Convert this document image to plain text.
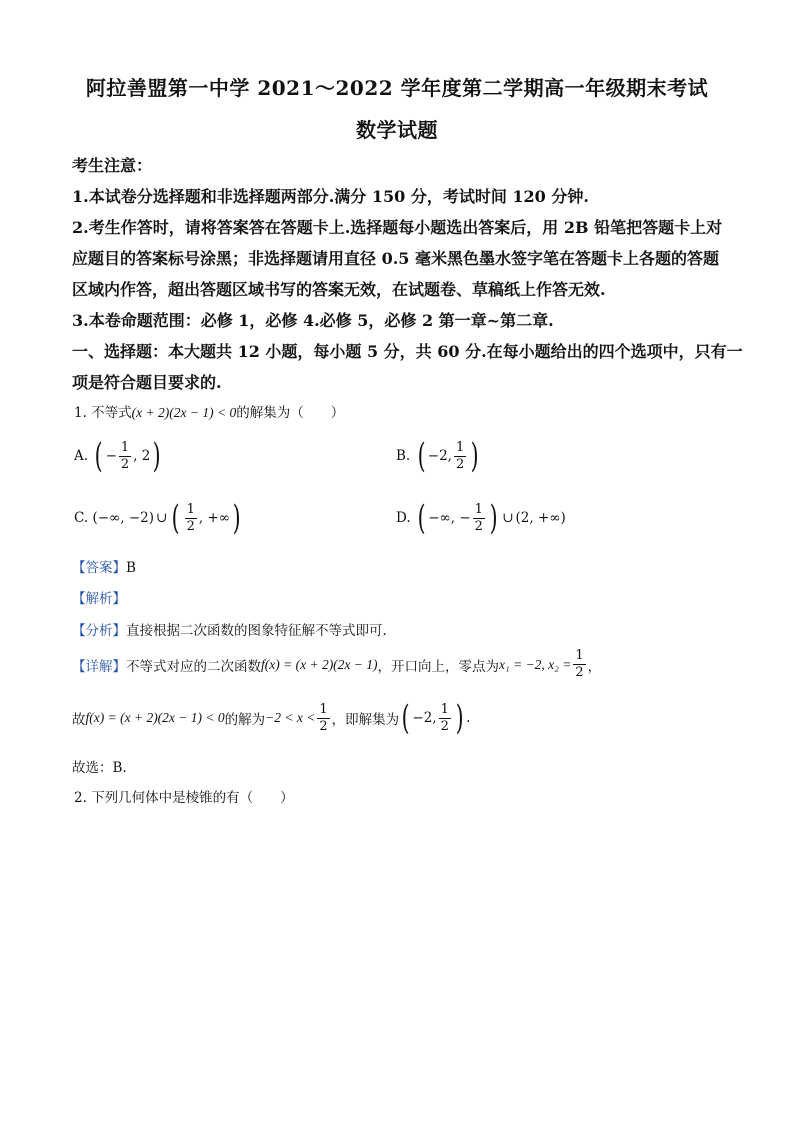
阿拉善盟第一中学 2021～2022 学年度第二学期高一年级期末考试
数学试题
考生注意：
1.本试卷分选择题和非选择题两部分.满分 150 分，考试时间 120 分钟.
2.考生作答时，请将答案答在答题卡上.选择题每小题选出答案后，用 2B 铅笔把答题卡上对
应题目的答案标号涂黑；非选择题请用直径 0.5 毫米黑色墨水签字笔在答题卡上各题的答题
区域内作答，超出答题区域书写的答案无效，在试题卷、草稿纸上作答无效.
3.本卷命题范围：必修 1，必修 4.必修 5，必修 2 第一章~第二章.
一、选择题：本大题共 12 小题，每小题 5 分，共 60 分.在每小题给出的四个选项中，只有一
项是符合题目要求的.
1. 不等式(x + 2)(2x − 1) < 0的解集为（　　）
A.
( − $\frac{1}{2}$ , 2 )	B.
( −2, $\frac{1}{2}$ )
C.
(−∞, −2) ∪ ( $\frac{1}{2}$ , +∞ )	D.
( −∞, − $\frac{1}{2}$ ) ∪ (2, +∞)
【答案】B
【解析】
【分析】直接根据二次函数的图象特征解不等式即可.
【详解】 不等式对应的二次函数 f(x) = (x + 2)(2x − 1) ，开口向上，零点为 x₁ = −2, $x_2 = \frac{1}{2}$ ，
故 f(x) = (x + 2)(2x − 1) < 0 的解为 $-2 < x < \frac{1}{2}$ ，即解集为 ( −2, $\frac{1}{2}$ ) .
故选：B.
2. 下列几何体中是棱锥的有（　　）
